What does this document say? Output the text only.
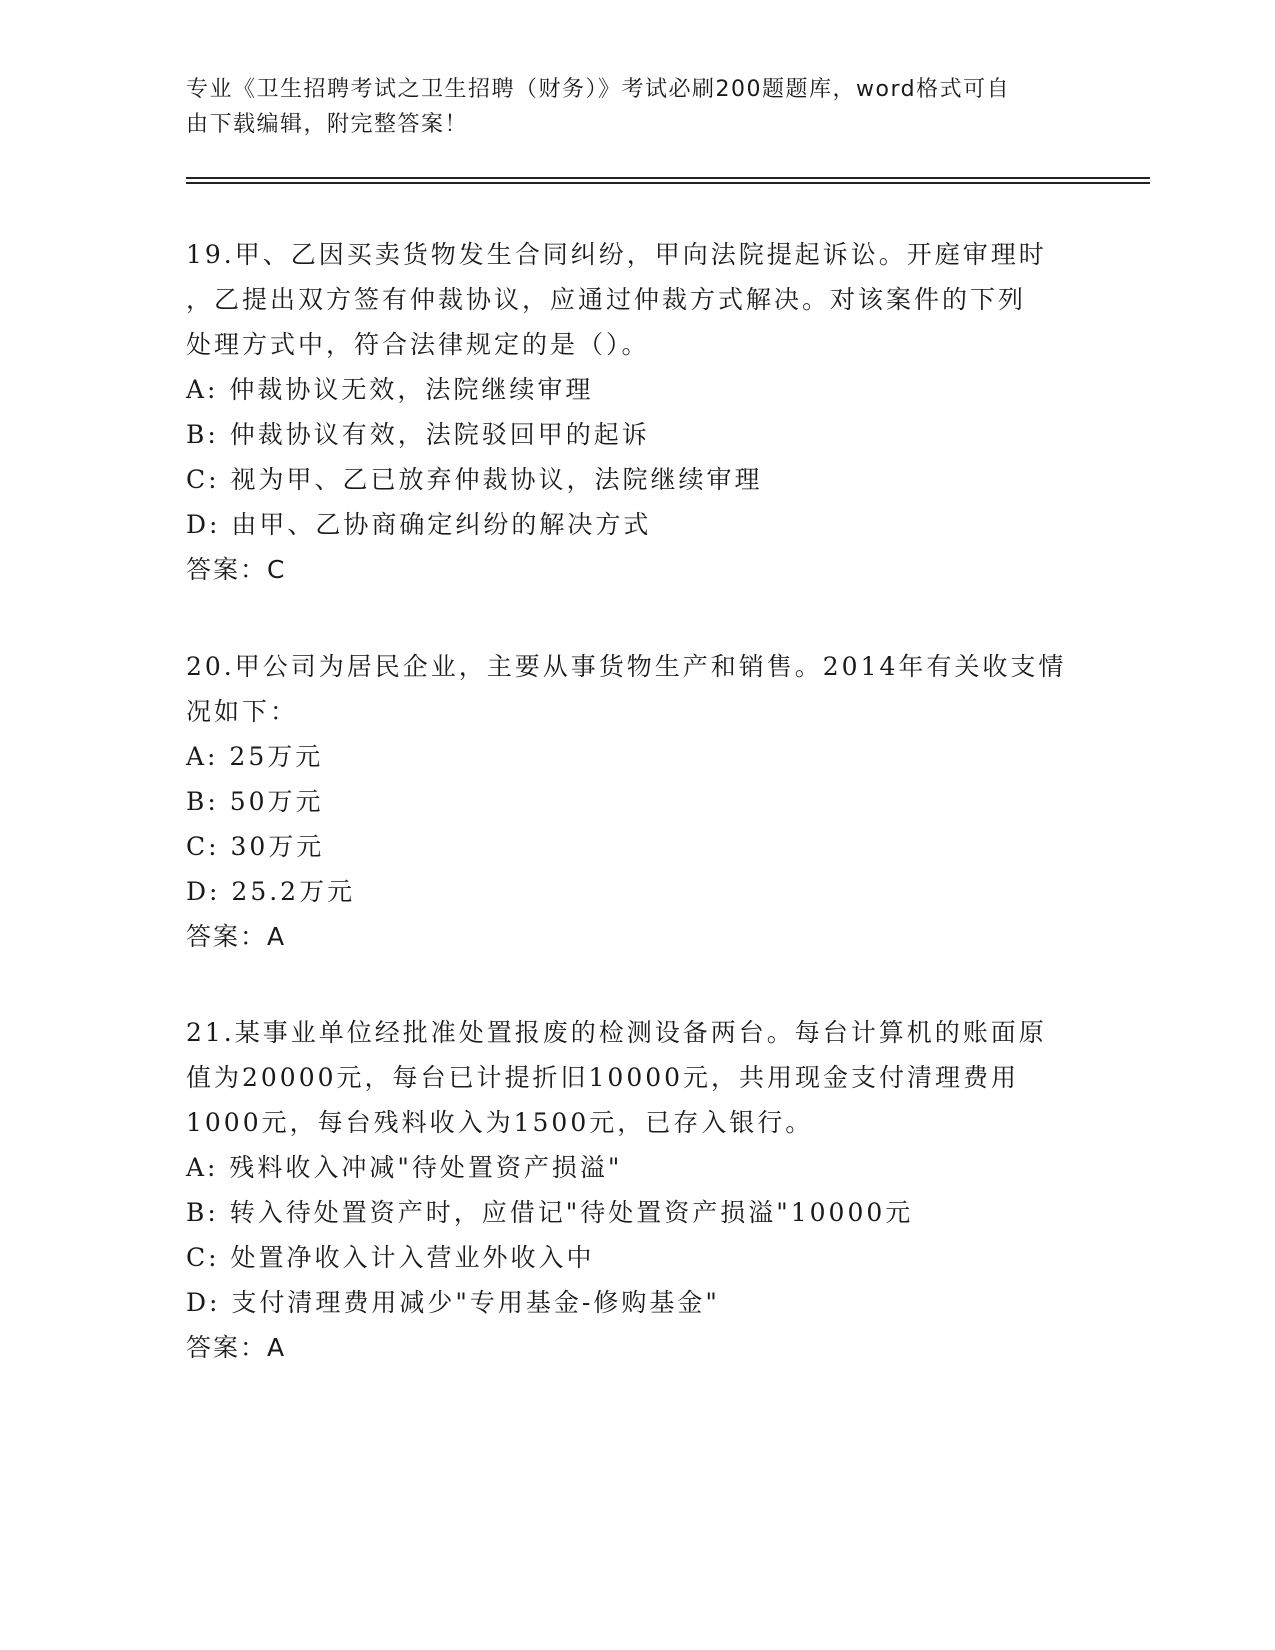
专业《卫生招聘考试之卫生招聘（财务）》考试必刷200题题库，word格式可自
由下载编辑，附完整答案！
19.甲、乙因买卖货物发生合同纠纷，甲向法院提起诉讼。开庭审理时
，乙提出双方签有仲裁协议，应通过仲裁方式解决。对该案件的下列
处理方式中，符合法律规定的是（）。
A: 仲裁协议无效，法院继续审理
B: 仲裁协议有效，法院驳回甲的起诉
C: 视为甲、乙已放弃仲裁协议，法院继续审理
D: 由甲、乙协商确定纠纷的解决方式
答案：C
20.甲公司为居民企业，主要从事货物生产和销售。2014年有关收支情
况如下：
A: 25万元
B: 50万元
C: 30万元
D: 25.2万元
答案：A
21.某事业单位经批准处置报废的检测设备两台。每台计算机的账面原
值为20000元，每台已计提折旧10000元，共用现金支付清理费用
1000元，每台残料收入为1500元，已存入银行。
A: 残料收入冲减"待处置资产损溢"
B: 转入待处置资产时，应借记"待处置资产损溢"10000元
C: 处置净收入计入营业外收入中
D: 支付清理费用减少"专用基金-修购基金"
答案：A
